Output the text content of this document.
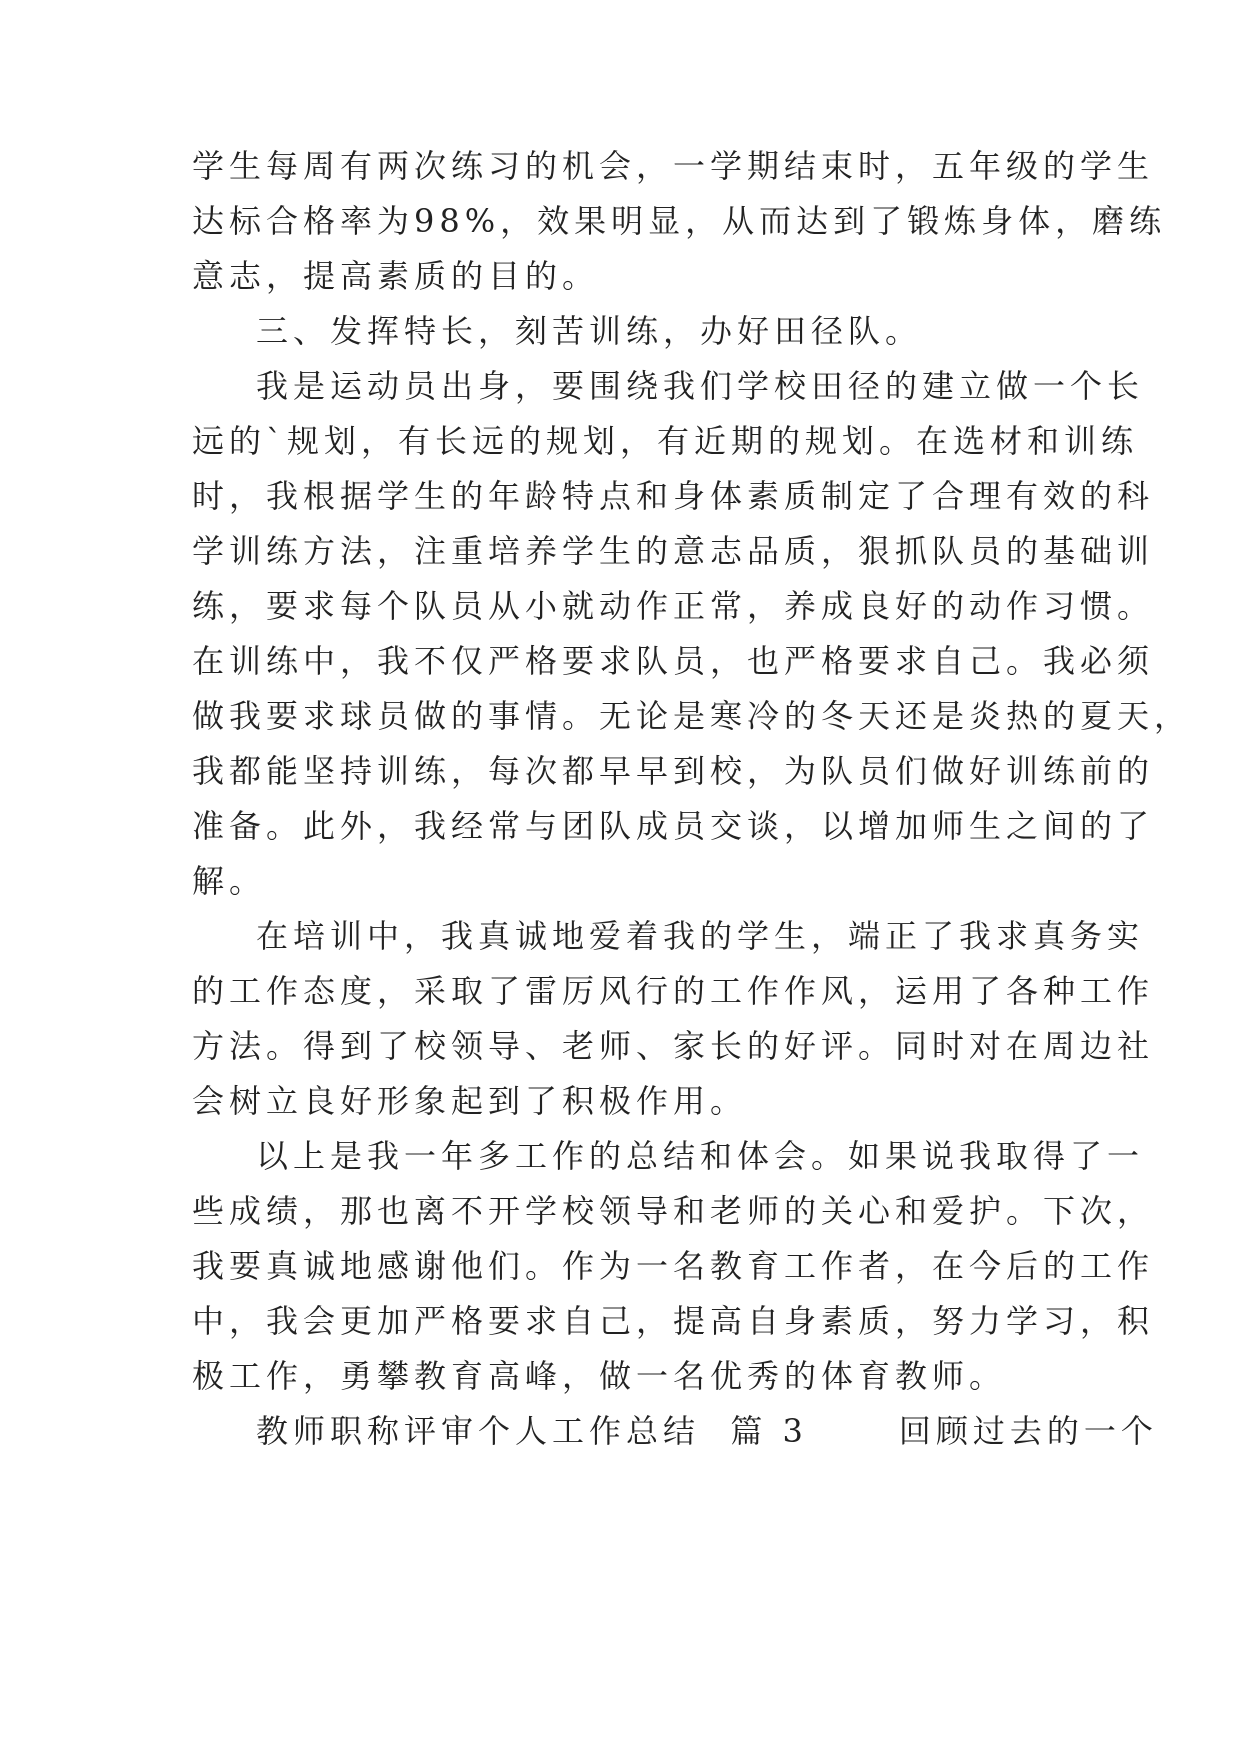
学生每周有两次练习的机会，一学期结束时，五年级的学生
达标合格率为98%，效果明显，从而达到了锻炼身体，磨练
意志，提高素质的目的。
三、发挥特长，刻苦训练，办好田径队。
我是运动员出身，要围绕我们学校田径的建立做一个长
远的`规划，有长远的规划，有近期的规划。在选材和训练
时，我根据学生的年龄特点和身体素质制定了合理有效的科
学训练方法，注重培养学生的意志品质，狠抓队员的基础训
练，要求每个队员从小就动作正常，养成良好的动作习惯。
在训练中，我不仅严格要求队员，也严格要求自己。我必须
做我要求球员做的事情。无论是寒冷的冬天还是炎热的夏天，
我都能坚持训练，每次都早早到校，为队员们做好训练前的
准备。此外，我经常与团队成员交谈，以增加师生之间的了
解。
在培训中，我真诚地爱着我的学生，端正了我求真务实
的工作态度，采取了雷厉风行的工作作风，运用了各种工作
方法。得到了校领导、老师、家长的好评。同时对在周边社
会树立良好形象起到了积极作用。
以上是我一年多工作的总结和体会。如果说我取得了一
些成绩，那也离不开学校领导和老师的关心和爱护。下次，
我要真诚地感谢他们。作为一名教育工作者，在今后的工作
中，我会更加严格要求自己，提高自身素质，努力学习，积
极工作，勇攀教育高峰，做一名优秀的体育教师。
教师职称评审个人工作总结  篇 3      回顾过去的一个
